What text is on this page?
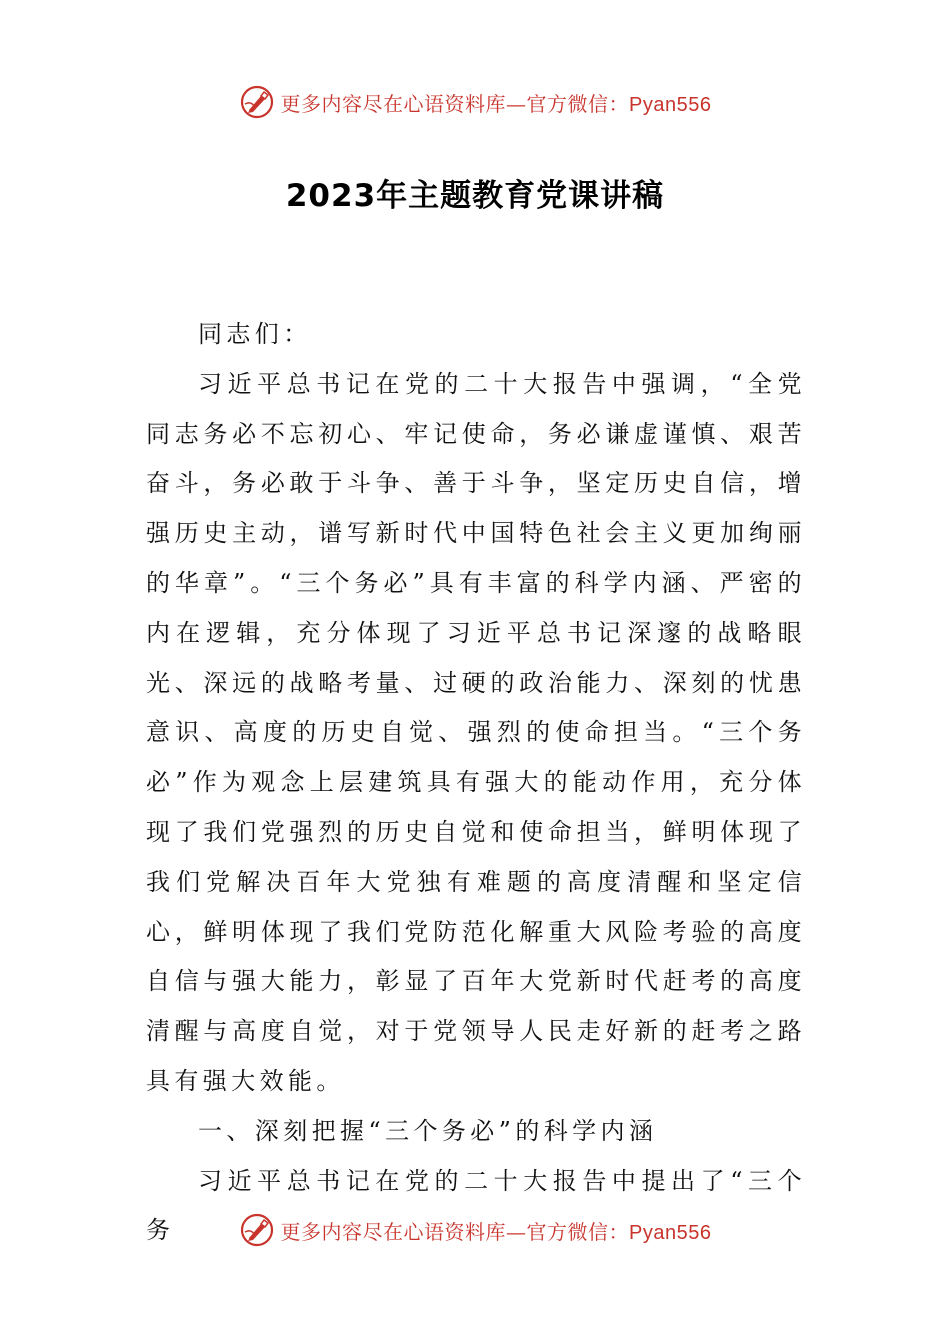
更多内容尽在心语资料库—官方微信：Pyan556
2023年主题教育党课讲稿

同志们：

习近平总书记在党的二十大报告中强调，“全党同志务必不忘初心、牢记使命，务必谦虚谨慎、艰苦奋斗，务必敢于斗争、善于斗争，坚定历史自信，增强历史主动，谱写新时代中国特色社会主义更加绚丽的华章”。“三个务必”具有丰富的科学内涵、严密的内在逻辑，充分体现了习近平总书记深邃的战略眼光、深远的战略考量、过硬的政治能力、深刻的忧患意识、高度的历史自觉、强烈的使命担当。“三个务必”作为观念上层建筑具有强大的能动作用，充分体现了我们党强烈的历史自觉和使命担当，鲜明体现了我们党解决百年大党独有难题的高度清醒和坚定信心，鲜明体现了我们党防范化解重大风险考验的高度自信与强大能力，彰显了百年大党新时代赶考的高度清醒与高度自觉，对于党领导人民走好新的赶考之路具有强大效能。

一、深刻把握“三个务必”的科学内涵

习近平总书记在党的二十大报告中提出了“三个务	更多内容尽在心语资料库—官方微信：Pyan556
